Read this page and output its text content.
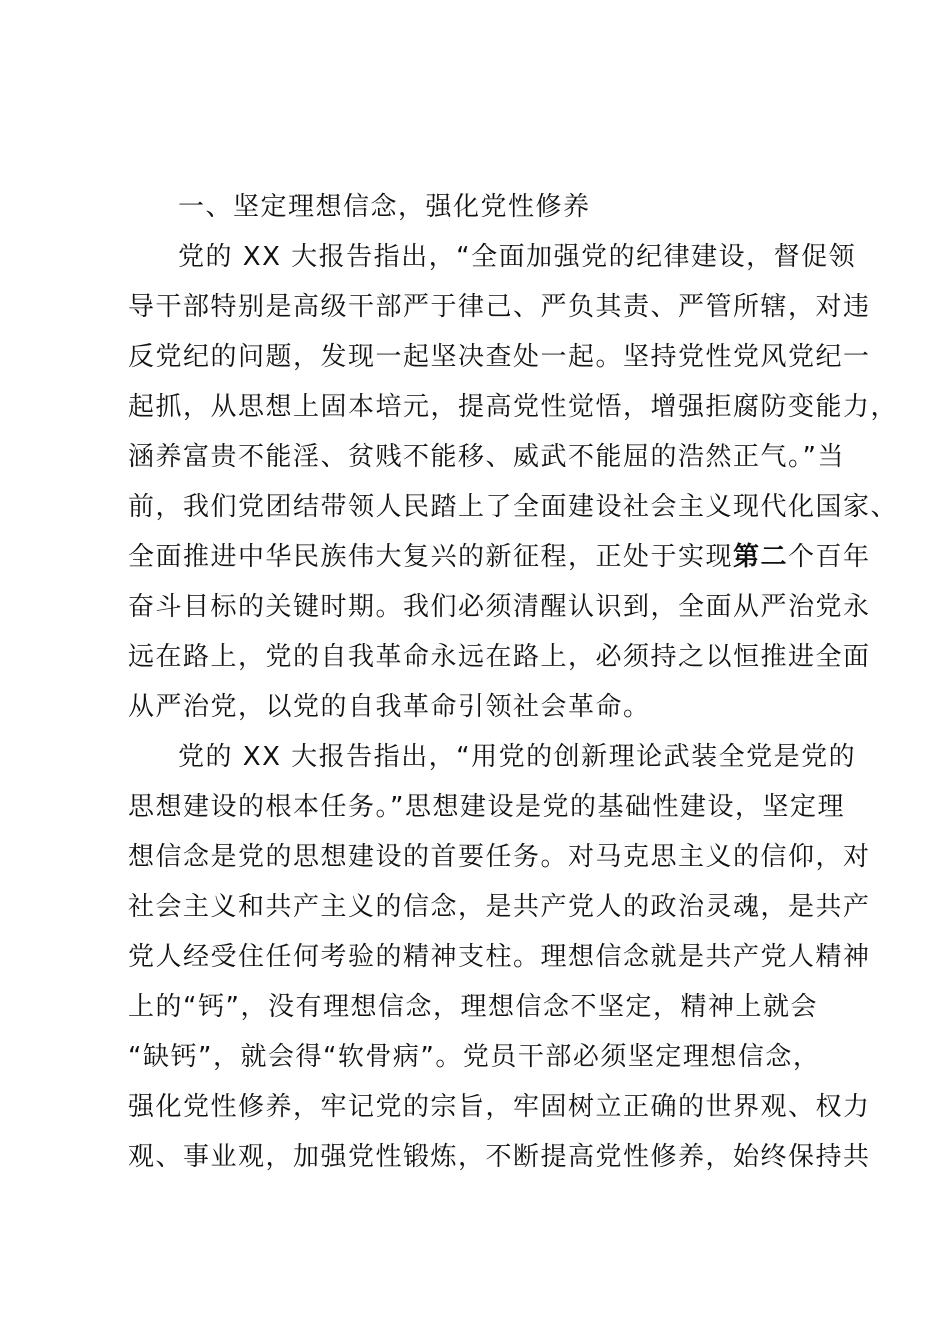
一、坚定理想信念，强化党性修养
党的 XX 大报告指出，“全面加强党的纪律建设，督促领
导干部特别是高级干部严于律己、严负其责、严管所辖，对违
反党纪的问题，发现一起坚决查处一起。坚持党性党风党纪一
起抓，从思想上固本培元，提高党性觉悟，增强拒腐防变能力，
涵养富贵不能淫、贫贱不能移、威武不能屈的浩然正气。”当
前，我们党团结带领人民踏上了全面建设社会主义现代化国家、
全面推进中华民族伟大复兴的新征程，正处于实现第二个百年
奋斗目标的关键时期。我们必须清醒认识到，全面从严治党永
远在路上，党的自我革命永远在路上，必须持之以恒推进全面
从严治党，以党的自我革命引领社会革命。
党的 XX 大报告指出，“用党的创新理论武装全党是党的
思想建设的根本任务。”思想建设是党的基础性建设，坚定理
想信念是党的思想建设的首要任务。对马克思主义的信仰，对
社会主义和共产主义的信念，是共产党人的政治灵魂，是共产
党人经受住任何考验的精神支柱。理想信念就是共产党人精神
上的“钙”，没有理想信念，理想信念不坚定，精神上就会
“缺钙”，就会得“软骨病”。党员干部必须坚定理想信念，
强化党性修养，牢记党的宗旨，牢固树立正确的世界观、权力
观、事业观，加强党性锻炼，不断提高党性修养，始终保持共
